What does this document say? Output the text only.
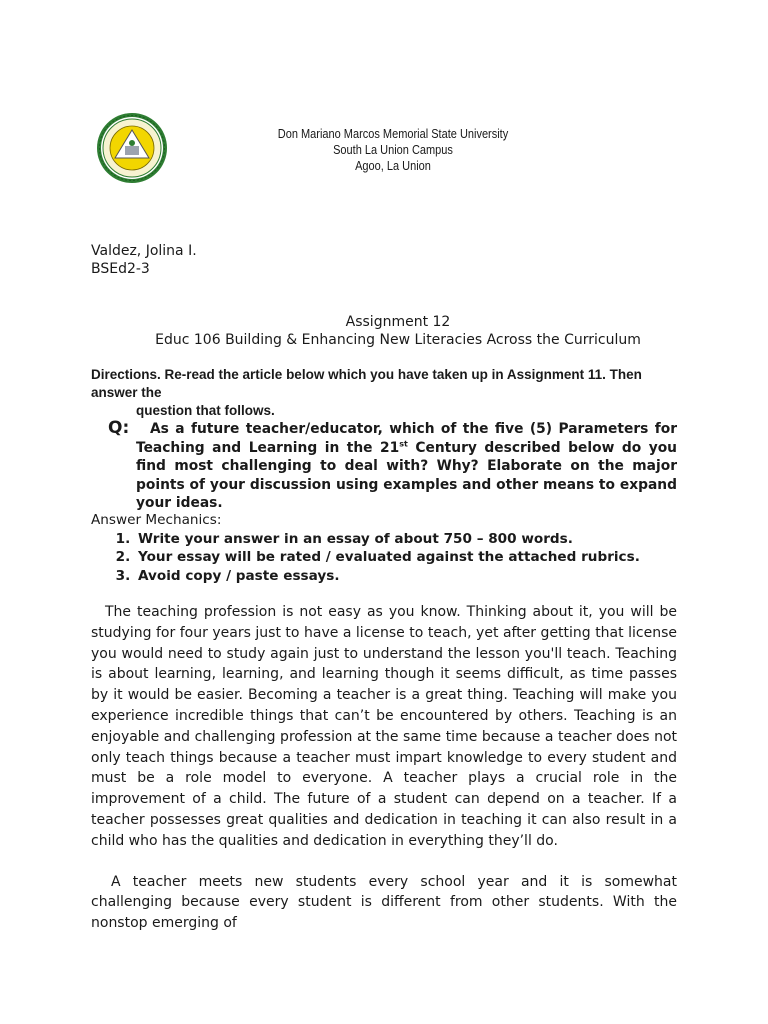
Don Mariano Marcos Memorial State University
South La Union Campus
Agoo, La Union
Valdez, Jolina I.
BSEd2-3
Assignment 12
Educ 106 Building & Enhancing New Literacies Across the Curriculum
Directions. Re-read the article below which you have taken up in Assignment 11. Then answer the
question that follows.
Q: As a future teacher/educator, which of the five (5) Parameters for Teaching and Learning in the 21st Century described below do you find most challenging to deal with? Why? Elaborate on the major points of your discussion using examples and other means to expand your ideas.
Answer Mechanics:
1. Write your answer in an essay of about 750 – 800 words.
2. Your essay will be rated / evaluated against the attached rubrics.
3. Avoid copy / paste essays.

The teaching profession is not easy as you know. Thinking about it, you will be studying for four years just to have a license to teach, yet after getting that license you would need to study again just to understand the lesson you'll teach. Teaching is about learning, learning, and learning though it seems difficult, as time passes by it would be easier. Becoming a teacher is a great thing. Teaching will make you experience incredible things that can’t be encountered by others. Teaching is an enjoyable and challenging profession at the same time because a teacher does not only teach things because a teacher must impart knowledge to every student and must be a role model to everyone. A teacher plays a crucial role in the improvement of a child. The future of a student can depend on a teacher. If a teacher possesses great qualities and dedication in teaching it can also result in a child who has the qualities and dedication in everything they’ll do.

A teacher meets new students every school year and it is somewhat challenging because every student is different from other students. With the nonstop emerging of
